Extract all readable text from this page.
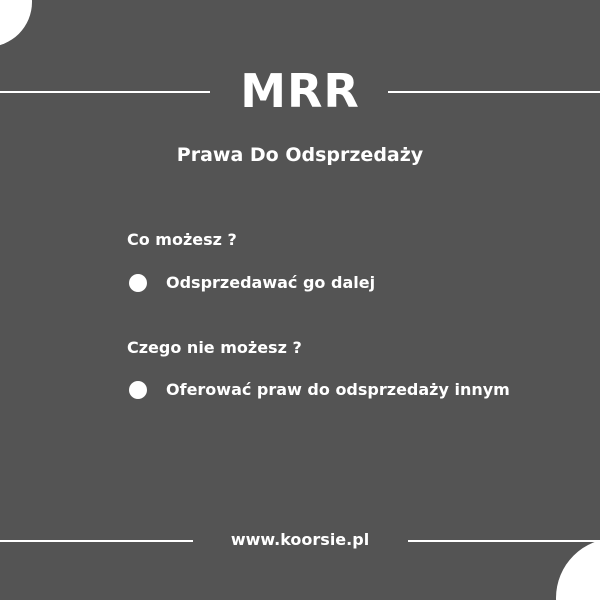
MRR
Prawa Do Odsprzedaży
Co możesz ?
Odsprzedawać go dalej
Czego nie możesz ?
Oferować praw do odsprzedaży innym
www.koorsie.pl
